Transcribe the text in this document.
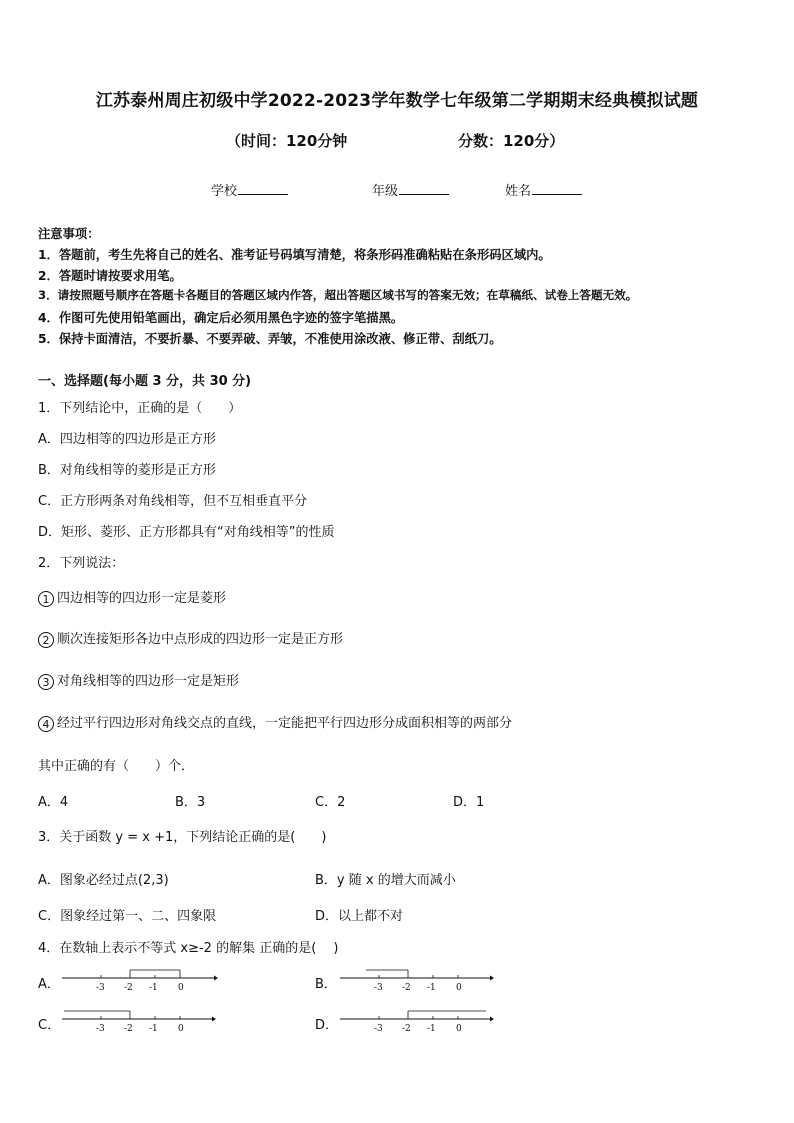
江苏泰州周庄初级中学2022-2023学年数学七年级第二学期期末经典模拟试题
（时间：120分钟	分数：120分）
学校	年级	姓名
注意事项：
1．答题前，考生先将自己的姓名、准考证号码填写清楚，将条形码准确粘贴在条形码区域内。
2．答题时请按要求用笔。
3．请按照题号顺序在答题卡各题目的答题区域内作答，超出答题区域书写的答案无效；在草稿纸、试卷上答题无效。
4．作图可先使用铅笔画出，确定后必须用黑色字迹的签字笔描黑。
5．保持卡面清洁，不要折暴、不要弄破、弄皱，不准使用涂改液、修正带、刮纸刀。
一、选择题(每小题 3 分，共 30 分)
1．下列结论中，正确的是（　　）
A．四边相等的四边形是正方形
B．对角线相等的菱形是正方形
C．正方形两条对角线相等，但不互相垂直平分
D．矩形、菱形、正方形都具有“对角线相等”的性质
2．下列说法：
1 四边相等的四边形一定是菱形
2 顺次连接矩形各边中点形成的四边形一定是正方形
3 对角线相等的四边形一定是矩形
4 经过平行四边形对角线交点的直线，一定能把平行四边形分成面积相等的两部分
其中正确的有（　　）个．
A．4	B．3	C．2	D．1
3．关于函数 y = x +1，下列结论正确的是(　　)
A．图象必经过点(2,3)	B．y 随 x 的增大而减小
C．图象经过第一、二、四象限	D．以上都不对
4．在数轴上表示不等式 x≥-2 的解集 正确的是(　 )
A．	B．
C．	D．
-3 -2 -1 0	-3 -2 -1 0
-3 -2 -1 0	-3 -2 -1 0
